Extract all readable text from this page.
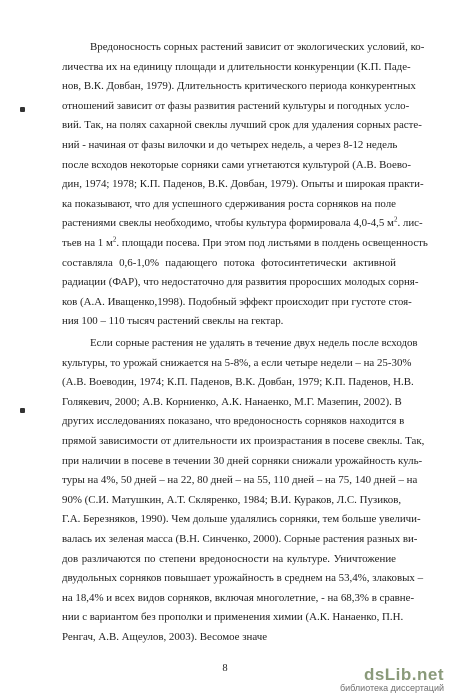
Вредоносность сорных растений зависит от экологических условий, ко-
личества их на единицу площади и длительности конкуренции (К.П. Паде-
нов, В.К. Довбан, 1979). Длительность критического периода конкурентных
отношений зависит от фазы развития растений культуры и погодных усло-
вий. Так, на полях сахарной свеклы лучший срок для удаления сорных расте-
ний - начиная от фазы вилочки и до четырех недель, а через 8-12 недель
после всходов некоторые сорняки сами угнетаются культурой (А.В. Воево-
дин, 1974; 1978; К.П. Паденов, В.К. Довбан, 1979). Опыты и широкая практи-
ка показывают, что для успешного сдерживания роста сорняков на поле
растениями свеклы необходимо, чтобы культура формировала 4,0-4,5 $м^2$. лис-
тьев на 1 $м^2$. площади посева. При этом под листьями в полдень освещенность
составляла 0,6-1,0% падающего потока фотосинтетически активной
радиации (ФАР), что недостаточно для развития проросших молодых сорня-
ков (А.А. Иващенко,1998). Подобный эффект происходит при густоте стоя-
ния 100 – 110 тысяч растений свеклы на гектар.
Если сорные растения не удалять в течение двух недель после всходов
культуры, то урожай снижается на 5-8%, а если четыре недели – на 25-30%
(А.В. Воеводин, 1974; К.П. Паденов, В.К. Довбан, 1979; К.П. Паденов, Н.В.
Голякевич, 2000; А.В. Корниенко, А.К. Нанаенко, М.Г. Мазепин, 2002). В
других исследованиях показано, что вредоносность сорняков находится в
прямой зависимости от длительности их произрастания в посеве свеклы. Так,
при наличии в посеве в течении 30 дней сорняки снижали урожайность куль-
туры на 4%, 50 дней – на 22, 80 дней – на 55, 110 дней – на 75, 140 дней – на
90% (С.И. Матушкин, А.Т. Скляренко, 1984; В.И. Кураков, Л.С. Пузиков,
Г.А. Березняков, 1990). Чем дольше удалялись сорняки, тем больше увеличи-
валась их зеленая масса (В.Н. Синченко, 2000). Сорные растения разных ви-
дов различаются по степени вредоносности на культуре. Уничтожение
двудольных сорняков повышает урожайность в среднем на 53,4%, злаковых –
на 18,4% и всех видов сорняков, включая многолетние, - на 68,3% в сравне-
нии с вариантом без прополки и применения химии (А.К. Нанаенко, П.Н.
Ренгач, А.В. Ащеулов, 2003). Весомое значе
8	dsLib.net
библиотека диссертаций
